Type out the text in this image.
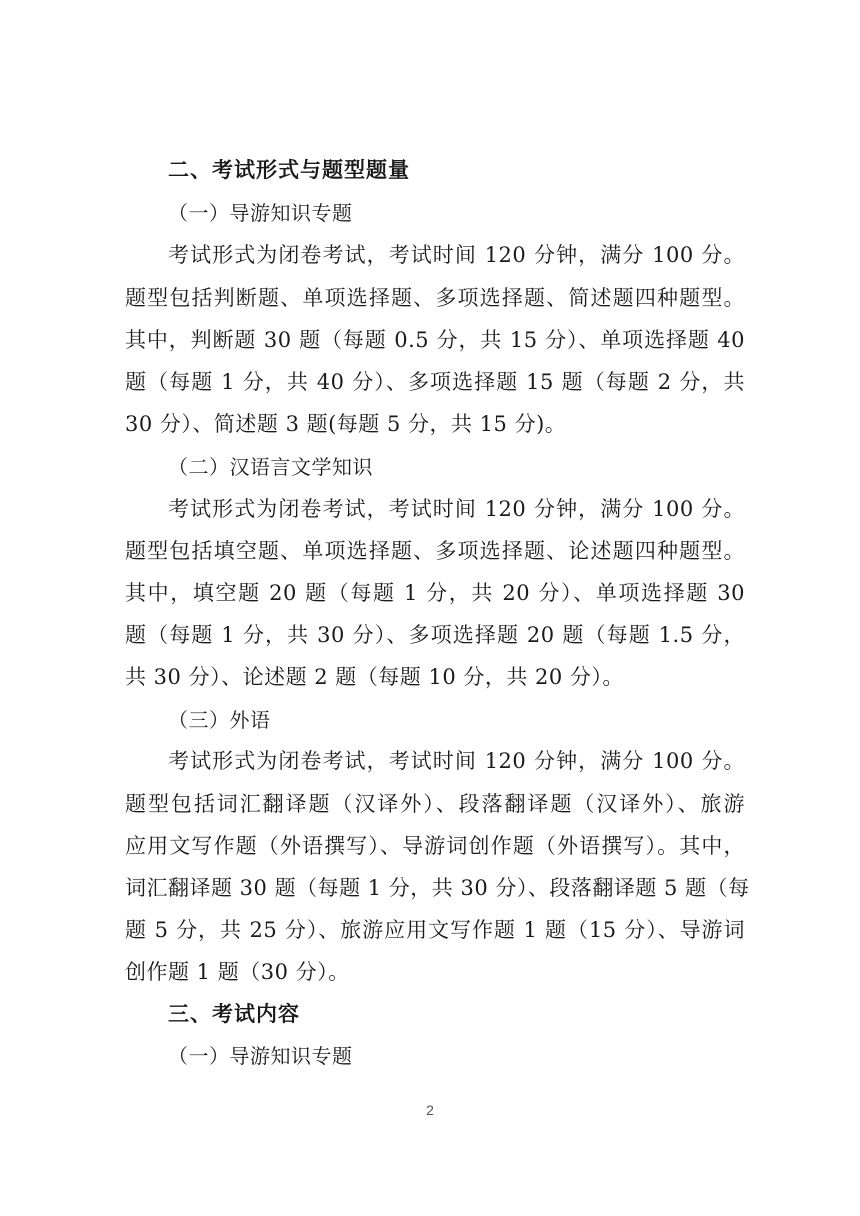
二、考试形式与题型题量
（一）导游知识专题
考试形式为闭卷考试，考试时间 120 分钟，满分 100 分。
题型包括判断题、单项选择题、多项选择题、简述题四种题型。
其中，判断题 30 题（每题 0.5 分，共 15 分）、单项选择题 40
题（每题 1 分，共 40 分）、多项选择题 15 题（每题 2 分，共
30 分）、简述题 3 题(每题 5 分，共 15 分)。
（二）汉语言文学知识
考试形式为闭卷考试，考试时间 120 分钟，满分 100 分。
题型包括填空题、单项选择题、多项选择题、论述题四种题型。
其中，填空题 20 题（每题 1 分，共 20 分）、单项选择题 30
题（每题 1 分，共 30 分）、多项选择题 20 题（每题 1.5 分，
共 30 分）、论述题 2 题（每题 10 分，共 20 分）。
（三）外语
考试形式为闭卷考试，考试时间 120 分钟，满分 100 分。
题型包括词汇翻译题（汉译外）、段落翻译题（汉译外）、旅游
应用文写作题（外语撰写）、导游词创作题（外语撰写）。其中，
词汇翻译题 30 题（每题 1 分，共 30 分）、段落翻译题 5 题（每
题 5 分，共 25 分）、旅游应用文写作题 1 题（15 分）、导游词
创作题 1 题（30 分）。
三、考试内容
（一）导游知识专题
2
